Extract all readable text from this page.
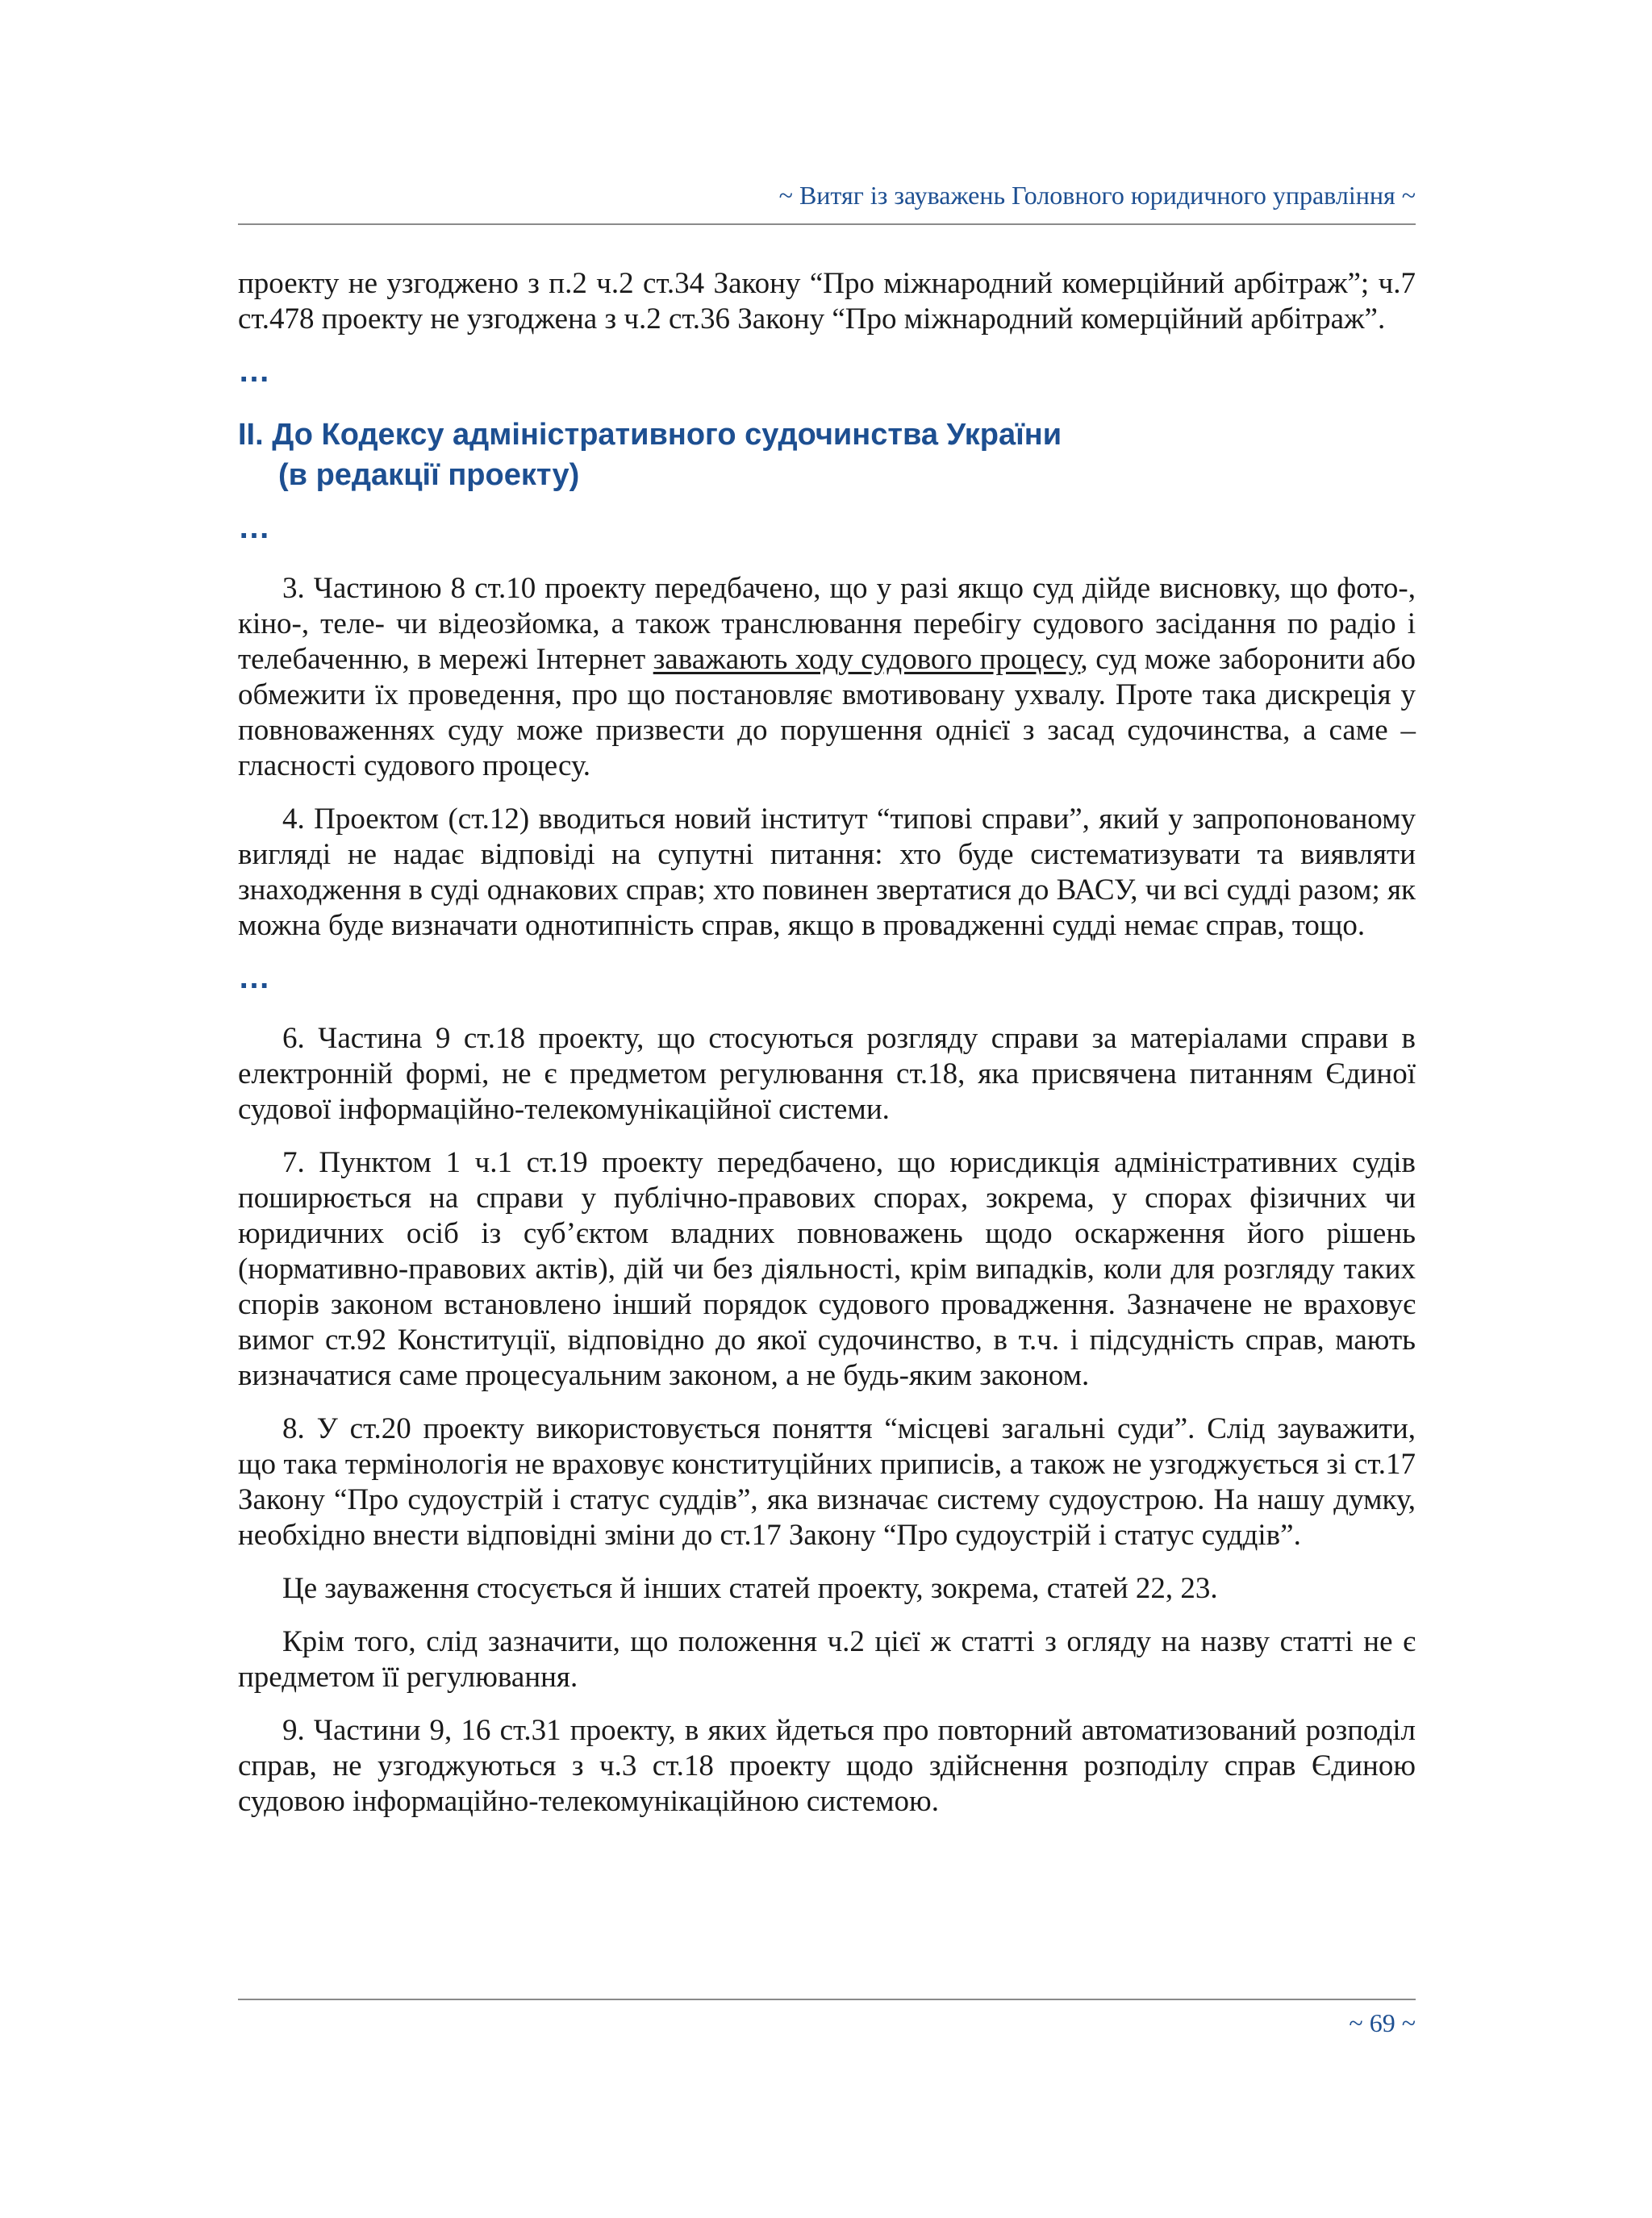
~ Витяг із зауважень Головного юридичного управління ~

проекту не узгоджено з п.2 ч.2 ст.34 Закону “Про міжнародний комерційний арбітраж”; ч.7 ст.478 проекту не узгоджена з ч.2 ст.36 Закону “Про міжнародний комерційний арбітраж”.

…
ІІ. До Кодексу адміністративного судочинства України
(в редакції проекту)
…

3. Частиною 8 ст.10 проекту передбачено, що у разі якщо суд дійде висновку, що фото-, кіно-, теле- чи відеозйомка, а також транслювання перебігу судового засідання по радіо і телебаченню, в мережі Інтернет заважають ходу судового процесу, суд може заборонити або обмежити їх проведення, про що постановляє вмотивовану ухвалу. Проте така дискреція у повноваженнях суду може призвести до порушення однієї з засад судочинства, а саме – гласності судового процесу.

4. Проектом (ст.12) вводиться новий інститут “типові справи”, який у запропонованому вигляді не надає відповіді на супутні питання: хто буде систематизувати та виявляти знаходження в суді однакових справ; хто повинен звертатися до ВАСУ, чи всі судді разом; як можна буде визначати однотипність справ, якщо в провадженні судді немає справ, тощо.

…

6. Частина 9 ст.18 проекту, що стосуються розгляду справи за матеріалами справи в електронній формі, не є предметом регулювання ст.18, яка присвячена питанням Єдиної судової інформаційно-телекомунікаційної системи.

7. Пунктом 1 ч.1 ст.19 проекту передбачено, що юрисдикція адміністративних судів поширюється на справи у публічно-правових спорах, зокрема, у спорах фізичних чи юридичних осіб із суб’єктом владних повноважень щодо оскарження його рішень (нормативно-правових актів), дій чи без діяльності, крім випадків, коли для розгляду таких спорів законом встановлено інший порядок судового провадження. Зазначене не враховує вимог ст.92 Конституції, відповідно до якої судочинство, в т.ч. і підсудність справ, мають визначатися саме процесуальним законом, а не будь-яким законом.

8. У ст.20 проекту використовується поняття “місцеві загальні суди”. Слід зауважити, що така термінологія не враховує конституційних приписів, а також не узгоджується зі ст.17 Закону “Про судоустрій і статус суддів”, яка визначає систему судоустрою. На нашу думку, необхідно внести відповідні зміни до ст.17 Закону “Про судоустрій і статус суддів”.

Це зауваження стосується й інших статей проекту, зокрема, статей 22, 23.

Крім того, слід зазначити, що положення ч.2 цієї ж статті з огляду на назву статті не є предметом її регулювання.

9. Частини 9, 16 ст.31 проекту, в яких йдеться про повторний автоматизований розподіл справ, не узгоджуються з ч.3 ст.18 проекту щодо здійснення розподілу справ Єдиною судовою інформаційно-телекомунікаційною системою.

~ 69 ~
